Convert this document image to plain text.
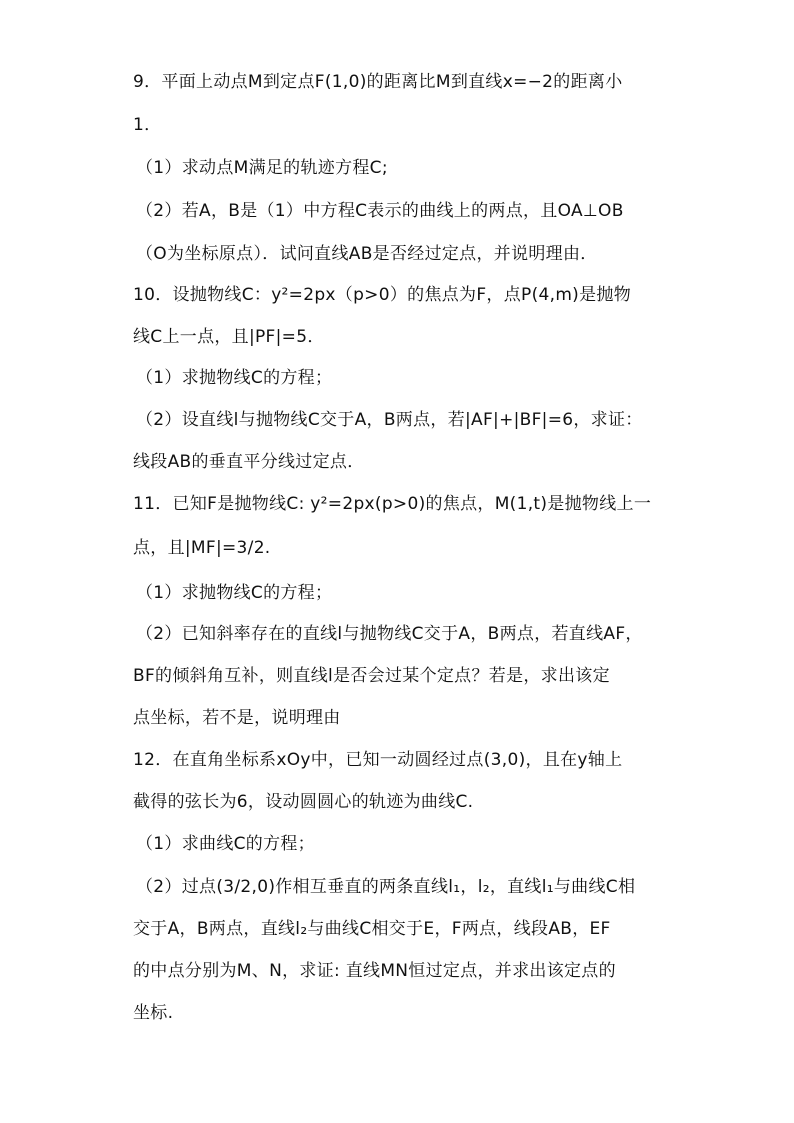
9．平面上动点M到定点F(1,0)的距离比M到直线x=−2的距离小
1．
（1）求动点M满足的轨迹方程C;
（2）若A，B是（1）中方程C表示的曲线上的两点，且OA⊥OB
（O为坐标原点）．试问直线AB是否经过定点，并说明理由．
10．设抛物线C：y²=2px（p>0）的焦点为F，点P(4,m)是抛物
线C上一点，且|PF|=5．
（1）求抛物线C的方程；
（2）设直线l与抛物线C交于A，B两点，若|AF|+|BF|=6，求证：
线段AB的垂直平分线过定点．
11．已知F是抛物线C: y²=2px(p>0)的焦点，M(1,t)是抛物线上一
点，且|MF|=3/2.
（1）求抛物线C的方程；
（2）已知斜率存在的直线l与抛物线C交于A，B两点，若直线AF，
BF的倾斜角互补，则直线l是否会过某个定点？若是，求出该定
点坐标，若不是，说明理由
12．在直角坐标系xOy中，已知一动圆经过点(3,0)，且在y轴上
截得的弦长为6，设动圆圆心的轨迹为曲线C.
（1）求曲线C的方程；
（2）过点(3/2,0)作相互垂直的两条直线l₁，l₂，直线l₁与曲线C相
交于A，B两点，直线l₂与曲线C相交于E，F两点，线段AB，EF
的中点分别为M、N，求证: 直线MN恒过定点，并求出该定点的
坐标.
